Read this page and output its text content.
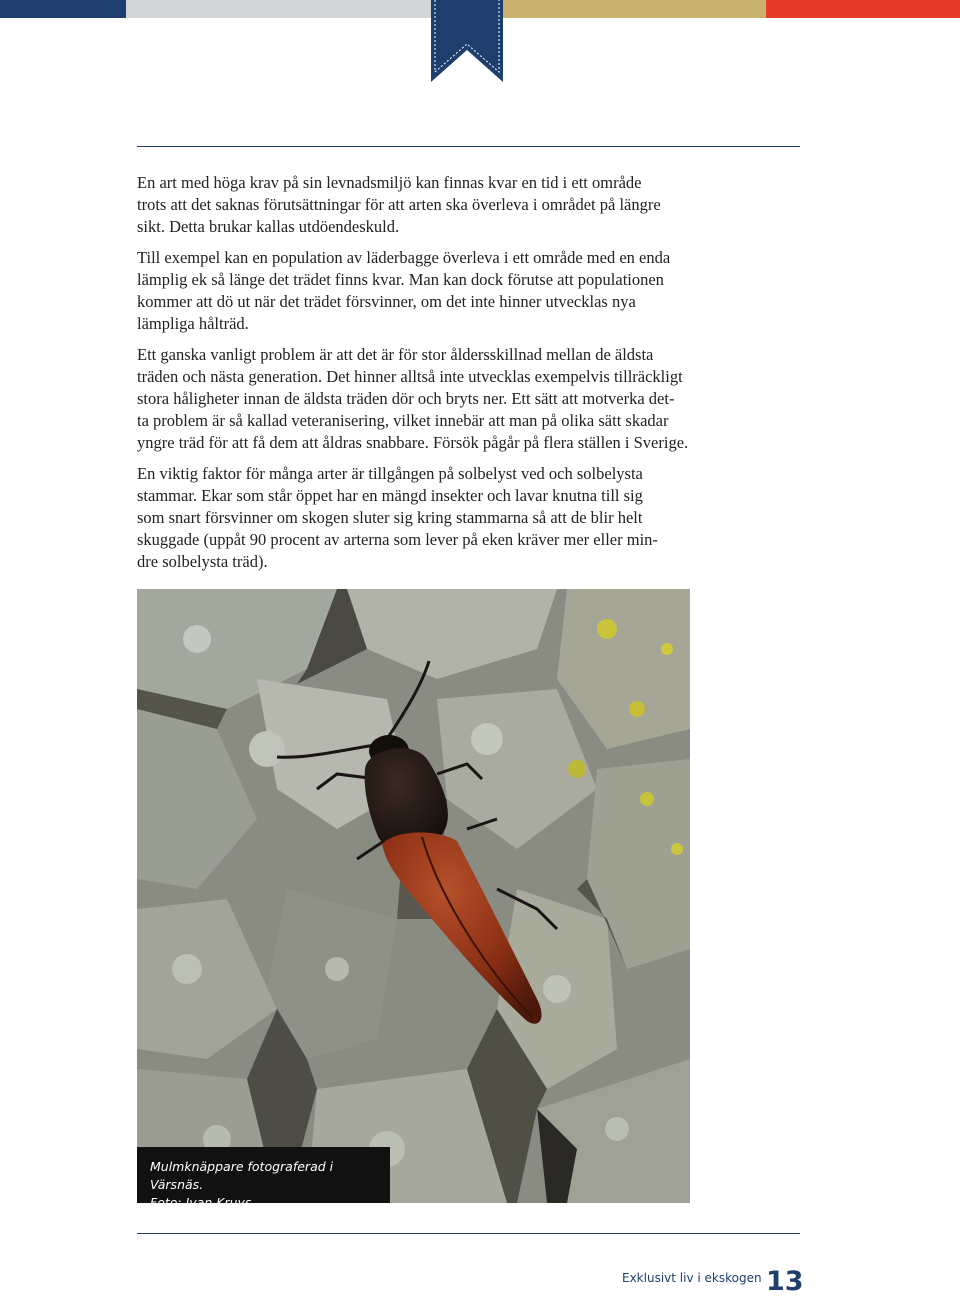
En art med höga krav på sin levnadsmiljö kan finnas kvar en tid i ett område
trots att det saknas förutsättningar för att arten ska överleva i området på längre
sikt. Detta brukar kallas utdöendeskuld.

Till exempel kan en population av läderbagge överleva i ett område med en enda
lämplig ek så länge det trädet finns kvar. Man kan dock förutse att populationen
kommer att dö ut när det trädet försvinner, om det inte hinner utvecklas nya
lämpliga hålträd.

Ett ganska vanligt problem är att det är för stor åldersskillnad mellan de äldsta
träden och nästa generation. Det hinner alltså inte utvecklas exempelvis tillräckligt
stora håligheter innan de äldsta träden dör och bryts ner. Ett sätt att motverka det-
ta problem är så kallad veteranisering, vilket innebär att man på olika sätt skadar
yngre träd för att få dem att åldras snabbare. Försök pågår på flera ställen i Sverige.

En viktig faktor för många arter är tillgången på solbelyst ved och solbelysta
stammar. Ekar som står öppet har en mängd insekter och lavar knutna till sig
som snart försvinner om skogen sluter sig kring stammarna så att de blir helt
skuggade (uppåt 90 procent av arterna som lever på eken kräver mer eller min-
dre solbelysta träd).

Mulmknäppare fotograferad i Värsnäs.
Foto: Ivan Kruys.
Exklusivt liv i ekskogen 13
